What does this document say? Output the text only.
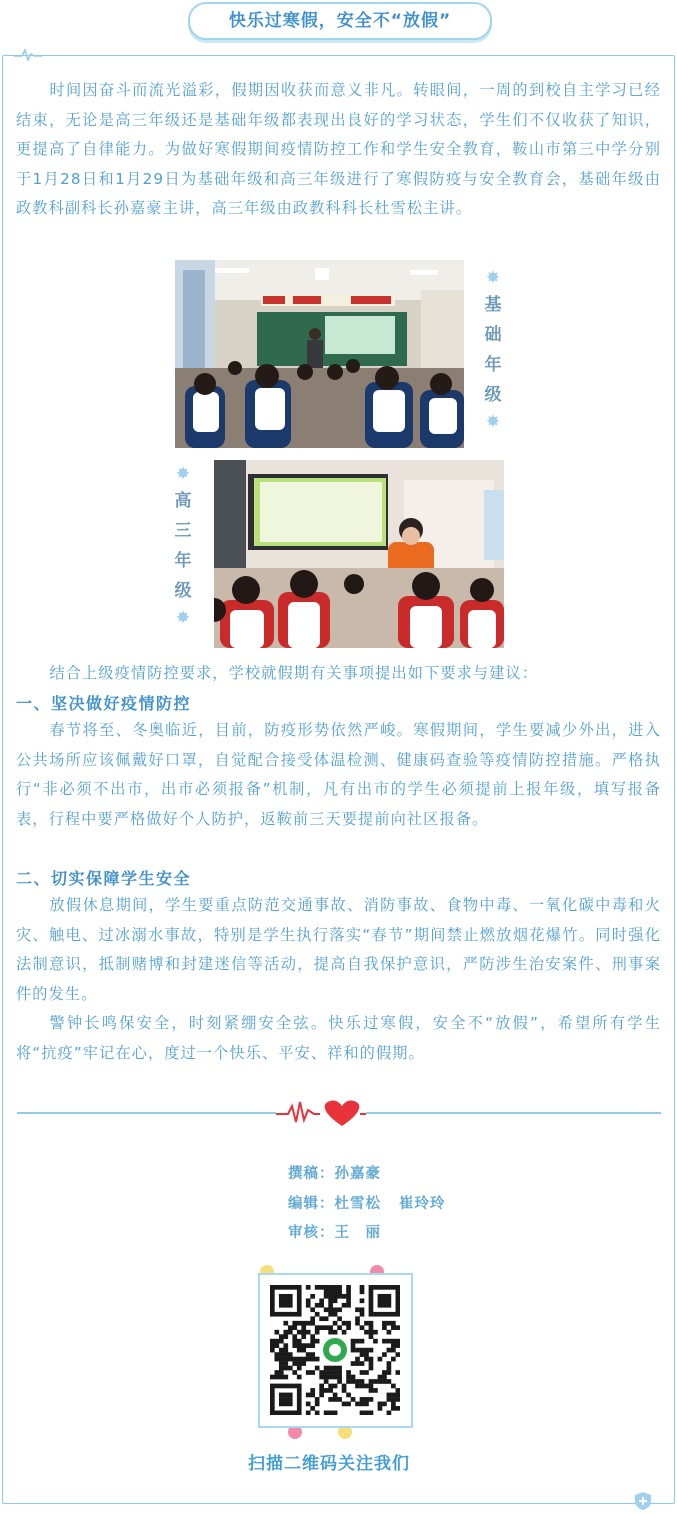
快乐过寒假，安全不“放假”

时间因奋斗而流光溢彩，假期因收获而意义非凡。转眼间，一周的到校自主学习已经结束，无论是高三年级还是基础年级都表现出良好的学习状态，学生们不仅收获了知识，更提高了自律能力。为做好寒假期间疫情防控工作和学生安全教育，鞍山市第三中学分别于1月28日和1月29日为基础年级和高三年级进行了寒假防疫与安全教育会，基础年级由政教科副科长孙嘉豪主讲，高三年级由政教科科长杜雪松主讲。

✸
基
础
年
级
✸
✸
高
三
年
级
✸

结合上级疫情防控要求，学校就假期有关事项提出如下要求与建议：

一、坚决做好疫情防控

春节将至、冬奥临近，目前，防疫形势依然严峻。寒假期间，学生要减少外出，进入公共场所应该佩戴好口罩，自觉配合接受体温检测、健康码查验等疫情防控措施。严格执行“非必须不出市，出市必须报备”机制，凡有出市的学生必须提前上报年级，填写报备表，行程中要严格做好个人防护，返鞍前三天要提前向社区报备。

二、切实保障学生安全

放假休息期间，学生要重点防范交通事故、消防事故、食物中毒、一氧化碳中毒和火灾、触电、过冰溺水事故，特别是学生执行落实“春节”期间禁止燃放烟花爆竹。同时强化法制意识，抵制赌博和封建迷信等活动，提高自我保护意识，严防涉生治安案件、刑事案件的发生。

警钟长鸣保安全，时刻紧绷安全弦。快乐过寒假，安全不“放假”，希望所有学生将“抗疫”牢记在心，度过一个快乐、平安、祥和的假期。

撰稿：孙嘉豪
编辑：杜雪松 崔玲玲
审核：王　丽
扫描二维码关注我们
